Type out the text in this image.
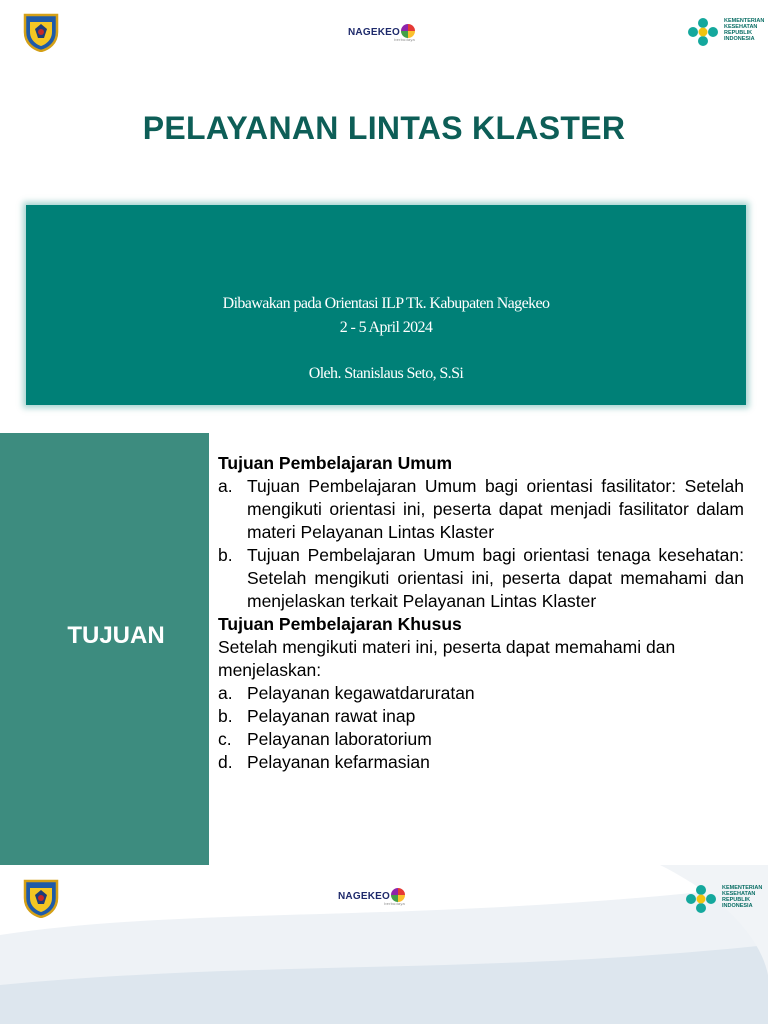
NAGEKEO
berbudaya
KEMENTERIAN
KESEHATAN
REPUBLIK
INDONESIA
PELAYANAN LINTAS KLASTER
Dibawakan pada Orientasi ILP Tk. Kabupaten Nagekeo
2 - 5 April 2024
Oleh. Stanislaus Seto, S.Si
TUJUAN
Tujuan Pembelajaran Umum
a. Tujuan Pembelajaran Umum bagi orientasi fasilitator: Setelah mengikuti orientasi ini, peserta dapat menjadi fasilitator dalam materi Pelayanan Lintas Klaster
b. Tujuan Pembelajaran Umum bagi orientasi tenaga kesehatan: Setelah mengikuti orientasi ini, peserta dapat memahami dan menjelaskan terkait Pelayanan Lintas Klaster
Tujuan Pembelajaran Khusus
Setelah mengikuti materi ini, peserta dapat memahami dan menjelaskan:
a. Pelayanan kegawatdaruratan
b. Pelayanan rawat inap
c. Pelayanan laboratorium
d. Pelayanan kefarmasian
NAGEKEO
berbudaya
KEMENTERIAN
KESEHATAN
REPUBLIK
INDONESIA
